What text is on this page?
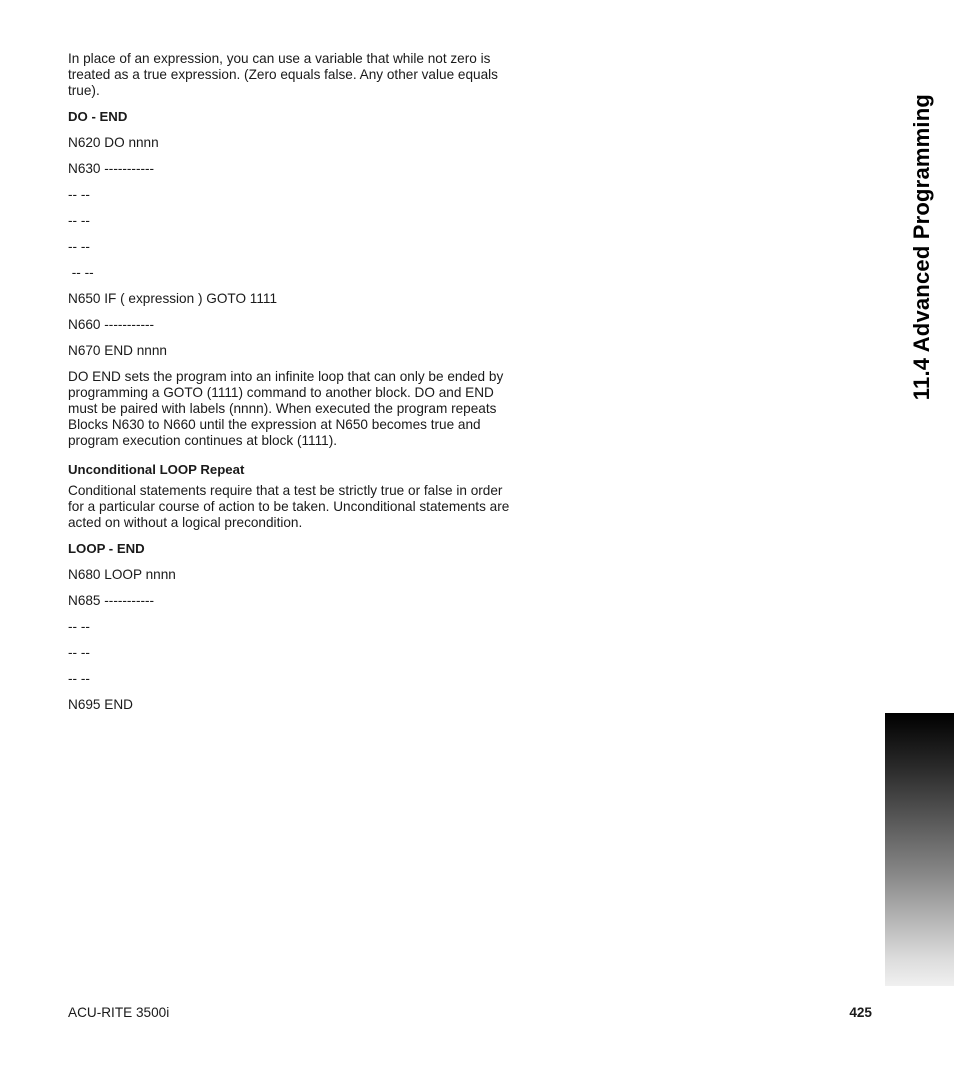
In place of an expression, you can use a variable that while not zero is treated as a true expression. (Zero equals false. Any other value equals true).

DO - END

N620 DO nnnn

N630 -----------

-- --

-- --

-- --

-- --

N650 IF ( expression ) GOTO 1111

N660 -----------

N670 END nnnn

DO END sets the program into an infinite loop that can only be ended by programming a GOTO (1111) command to another block. DO and END must be paired with labels (nnnn). When executed the program repeats Blocks N630 to N660 until the expression at N650 becomes true and program execution continues at block (1111).

Unconditional LOOP Repeat

Conditional statements require that a test be strictly true or false in order for a particular course of action to be taken. Unconditional statements are acted on without a logical precondition.

LOOP - END

N680 LOOP nnnn

N685 -----------

-- --

-- --

-- --

N695 END

11.4 Advanced Programming
ACU-RITE 3500i	425
